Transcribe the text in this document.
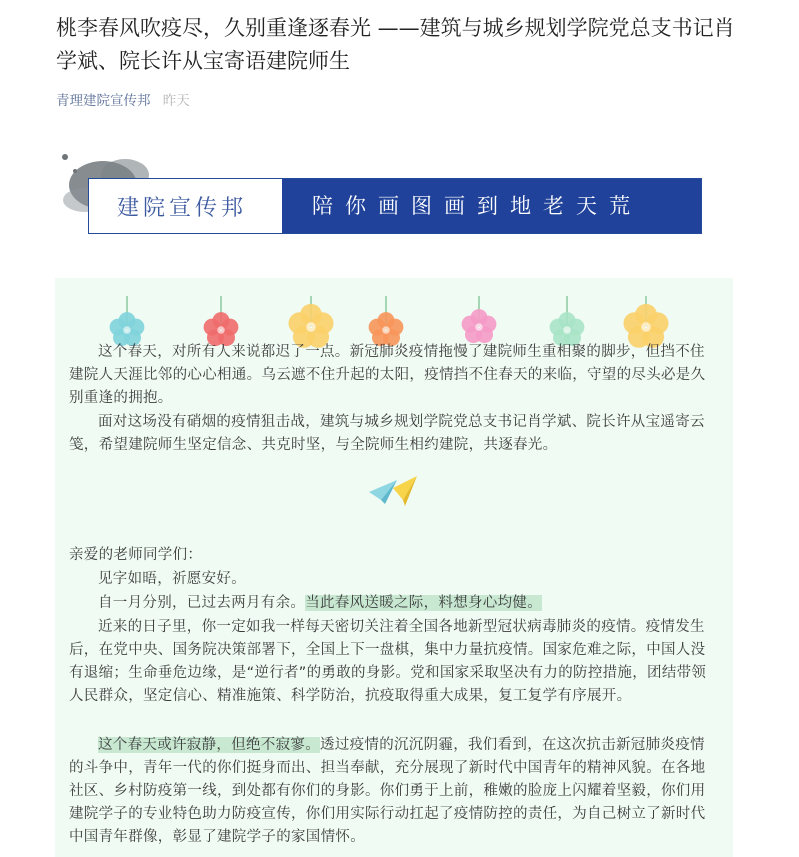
桃李春风吹疫尽，久别重逢逐春光 ——建筑与城乡规划学院党总支书记肖学斌、院长许从宝寄语建院师生
青理建院宣传邦 昨天
建院宣传邦	陪你画图画到地老天荒

这个春天，对所有人来说都迟了一点。新冠肺炎疫情拖慢了建院师生重相聚的脚步，但挡不住建院人天涯比邻的心心相通。乌云遮不住升起的太阳，疫情挡不住春天的来临，守望的尽头必是久别重逢的拥抱。

面对这场没有硝烟的疫情狙击战，建筑与城乡规划学院党总支书记肖学斌、院长许从宝遥寄云笺，希望建院师生坚定信念、共克时坚，与全院师生相约建院，共逐春光。

亲爱的老师同学们：

见字如晤，祈愿安好。

自一月分别，已过去两月有余。当此春风送暖之际，料想身心均健。

近来的日子里，你一定如我一样每天密切关注着全国各地新型冠状病毒肺炎的疫情。疫情发生后，在党中央、国务院决策部署下，全国上下一盘棋，集中力量抗疫情。国家危难之际，中国人没有退缩；生命垂危边缘，是“逆行者”的勇敢的身影。党和国家采取坚决有力的防控措施，团结带领人民群众，坚定信心、精准施策、科学防治，抗疫取得重大成果，复工复学有序展开。

这个春天或许寂静，但绝不寂寥。透过疫情的沉沉阴霾，我们看到，在这次抗击新冠肺炎疫情的斗争中，青年一代的你们挺身而出、担当奉献，充分展现了新时代中国青年的精神风貌。在各地社区、乡村防疫第一线，到处都有你们的身影。你们勇于上前，稚嫩的脸庞上闪耀着坚毅，你们用建院学子的专业特色助力防疫宣传，你们用实际行动扛起了疫情防控的责任，为自己树立了新时代中国青年群像，彰显了建院学子的家国情怀。
